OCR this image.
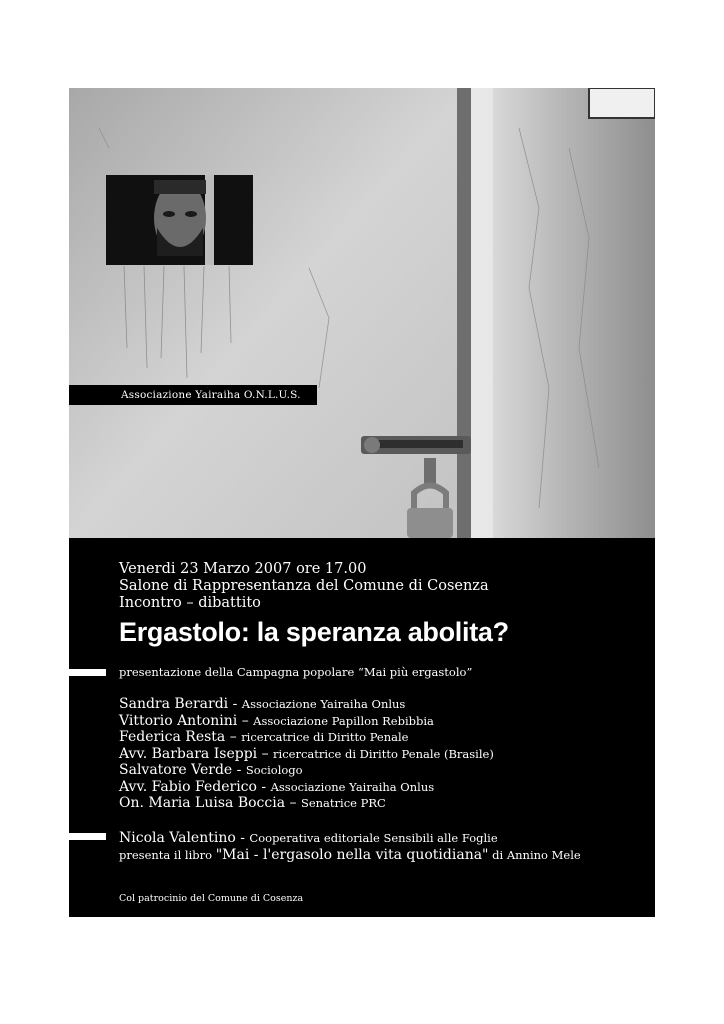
Associazione Yairaiha O.N.L.U.S.
Venerdi 23 Marzo 2007 ore 17.00
Salone di Rappresentanza del Comune di Cosenza
Incontro – dibattito
Ergastolo: la speranza abolita?
presentazione della Campagna popolare “Mai più ergastolo”
Sandra Berardi - Associazione Yairaiha Onlus
Vittorio Antonini – Associazione Papillon Rebibbia
Federica Resta – ricercatrice di Diritto Penale
Avv. Barbara Iseppi – ricercatrice di Diritto Penale (Brasile)
Salvatore Verde - Sociologo
Avv. Fabio Federico - Associazione Yairaiha Onlus
On. Maria Luisa Boccia – Senatrice PRC
Nicola Valentino - Cooperativa editoriale Sensibili alle Foglie
presenta il libro "Mai - l'ergasolo nella vita quotidiana" di Annino Mele
Col patrocinio del Comune di Cosenza
